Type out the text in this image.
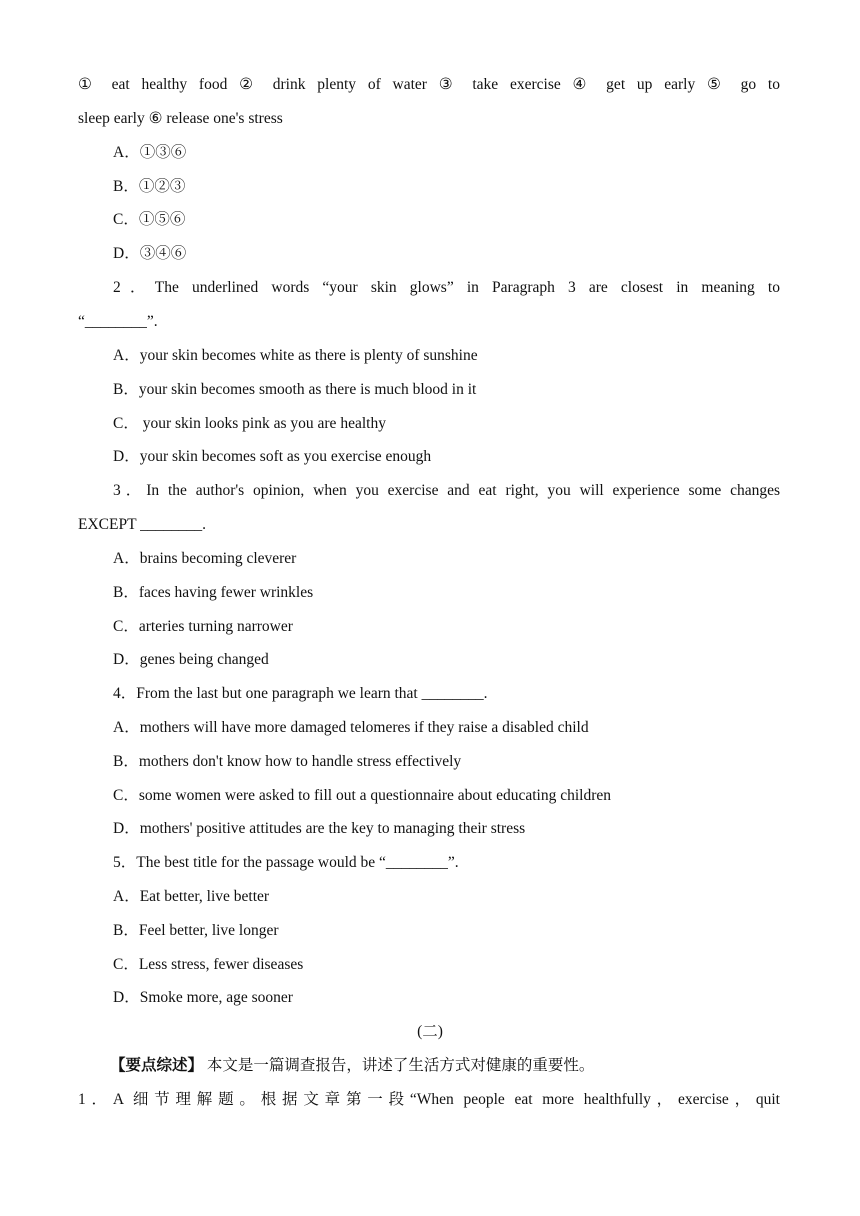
① eat healthy food ② drink plenty of water ③ take exercise ④ get up early ⑤ go to
sleep early ⑥ release one's stress
A．①③⑥
B．①②③
C．①⑤⑥
D．③④⑥
2．The underlined words “your skin glows” in Paragraph 3 are closest in meaning to
“________”.
A．your skin becomes white as there is plenty of sunshine
B．your skin becomes smooth as there is much blood in it
C． your skin looks pink as you are healthy
D．your skin becomes soft as you exercise enough
3．In the author's opinion, when you exercise and eat right, you will experience some changes
EXCEPT ________.
A．brains becoming cleverer
B．faces having fewer wrinkles
C．arteries turning narrower
D．genes being changed
4．From the last but one paragraph we learn that ________.
A．mothers will have more damaged telomeres if they raise a disabled child
B．mothers don't know how to handle stress effectively
C．some women were asked to fill out a questionnaire about educating children
D．mothers' positive attitudes are the key to managing their stress
5．The best title for the passage would be “________”.
A．Eat better, live better
B．Feel better, live longer
C．Less stress, fewer diseases
D．Smoke more, age sooner
(二)
【要点综述】 本文是一篇调查报告，讲述了生活方式对健康的重要性。
1．A 细节理解题。根据文章第一段“When people eat more healthfully，exercise，quit
